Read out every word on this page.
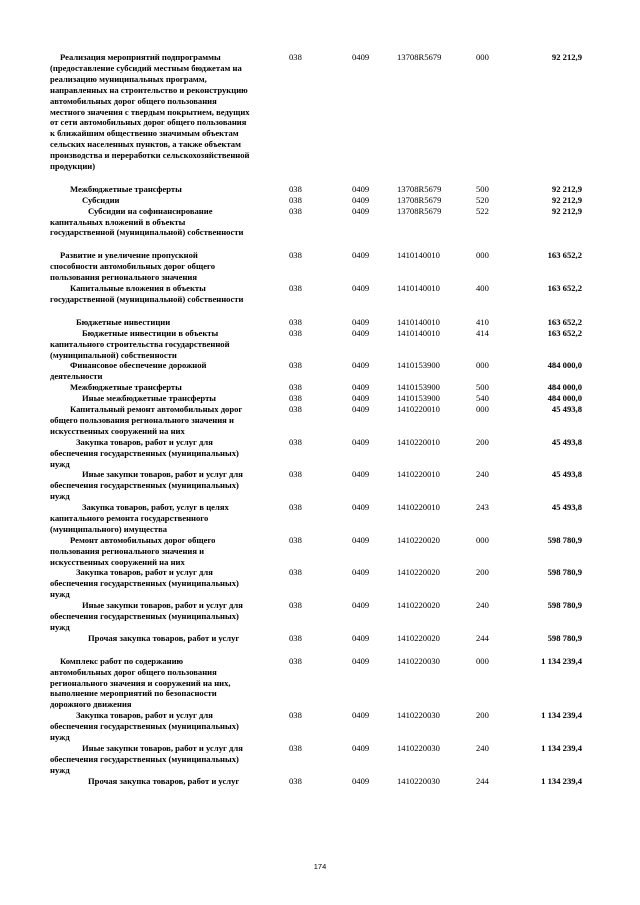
Реализация мероприятий подпрограммы
(предоставление субсидий местным бюджетам на
реализацию муниципальных программ,
направленных на строительство и реконструкцию
автомобильных дорог общего пользования
местного значения с твердым покрытием, ведущих
от сети автомобильных дорог общего пользования
к ближайшим общественно значимым объектам
сельских населенных пунктов, а также объектам
производства и переработки сельскохозяйственной
продукции)
038	0409	13708R5679	000	92 212,9
Межбюджетные трансферты	038	0409	13708R5679	500	92 212,9
Субсидии	038	0409	13708R5679	520	92 212,9
Субсидии на софинансирование
капитальных вложений в объекты
государственной (муниципальной) собственности
038	0409	13708R5679	522	92 212,9
Развитие и увеличение пропускной
способности автомобильных дорог общего
пользования регионального значения
038	0409	1410140010	000	163 652,2
Капитальные вложения в объекты
государственной (муниципальной) собственности
038	0409	1410140010	400	163 652,2
Бюджетные инвестиции	038	0409	1410140010	410	163 652,2
Бюджетные инвестиции в объекты
капитального строительства государственной
(муниципальной) собственности
038	0409	1410140010	414	163 652,2
Финансовое обеспечение дорожной
деятельности
038	0409	1410153900	000	484 000,0
Межбюджетные трансферты	038	0409	1410153900	500	484 000,0
Иные межбюджетные трансферты	038	0409	1410153900	540	484 000,0
Капитальный ремонт автомобильных дорог
общего пользования регионального значения и
искусственных сооружений на них
038	0409	1410220010	000	45 493,8
Закупка товаров, работ и услуг для
обеспечения государственных (муниципальных)
нужд
038	0409	1410220010	200	45 493,8
Иные закупки товаров, работ и услуг для
обеспечения государственных (муниципальных)
нужд
038	0409	1410220010	240	45 493,8
Закупка товаров, работ, услуг в целях
капитального ремонта государственного
(муниципального) имущества
038	0409	1410220010	243	45 493,8
Ремонт автомобильных дорог общего
пользования регионального значения и
искусственных сооружений на них
038	0409	1410220020	000	598 780,9
Закупка товаров, работ и услуг для
обеспечения государственных (муниципальных)
нужд
038	0409	1410220020	200	598 780,9
Иные закупки товаров, работ и услуг для
обеспечения государственных (муниципальных)
нужд
038	0409	1410220020	240	598 780,9
Прочая закупка товаров, работ и услуг	038	0409	1410220020	244	598 780,9
Комплекс работ по содержанию
автомобильных дорог общего пользования
регионального значения и сооружений на них,
выполнение мероприятий по безопасности
дорожного движения
038	0409	1410220030	000	1 134 239,4
Закупка товаров, работ и услуг для
обеспечения государственных (муниципальных)
нужд
038	0409	1410220030	200	1 134 239,4
Иные закупки товаров, работ и услуг для
обеспечения государственных (муниципальных)
нужд
038	0409	1410220030	240	1 134 239,4
Прочая закупка товаров, работ и услуг	038	0409	1410220030	244	1 134 239,4
174
